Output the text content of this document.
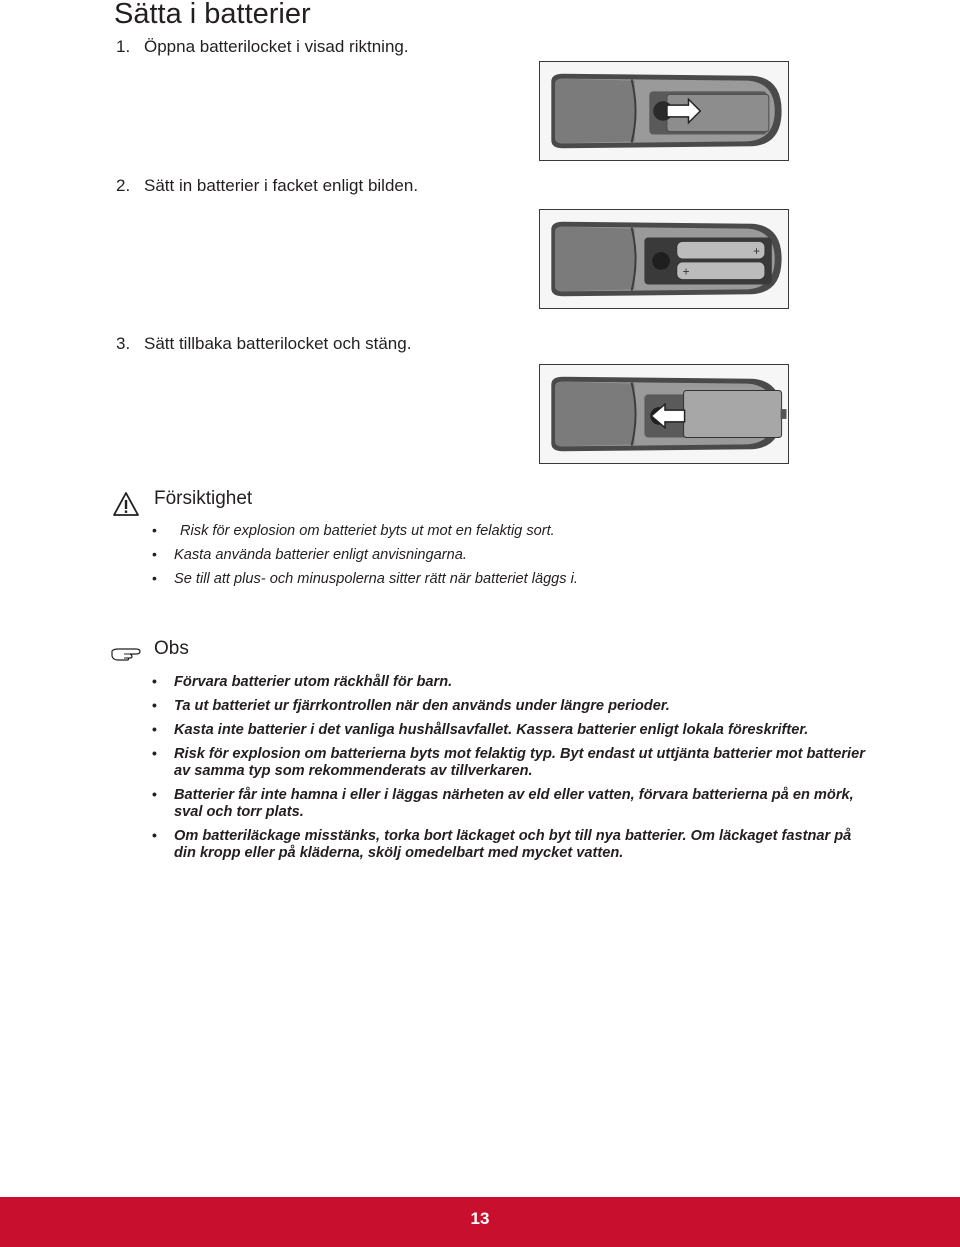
Sätta i batterier
1. Öppna batterilocket i visad riktning.
2. Sätt in batterier i facket enligt bilden.
+
+
3. Sätt tillbaka batterilocket och stäng.
Försiktighet
• Risk för explosion om batteriet byts ut mot en felaktig sort.
• Kasta använda batterier enligt anvisningarna.
• Se till att plus- och minuspolerna sitter rätt när batteriet läggs i.
Obs
• Förvara batterier utom räckhåll för barn.
• Ta ut batteriet ur fjärrkontrollen när den används under längre perioder.
• Kasta inte batterier i det vanliga hushållsavfallet. Kassera batterier enligt lokala föreskrifter.
• Risk för explosion om batterierna byts mot felaktig typ. Byt endast ut uttjänta batterier mot batterier av samma typ som rekommenderats av tillverkaren.
• Batterier får inte hamna i eller i läggas närheten av eld eller vatten, förvara batterierna på en mörk, sval och torr plats.
• Om batteriläckage misstänks, torka bort läckaget och byt till nya batterier. Om läckaget fastnar på din kropp eller på kläderna, skölj omedelbart med mycket vatten.
13
